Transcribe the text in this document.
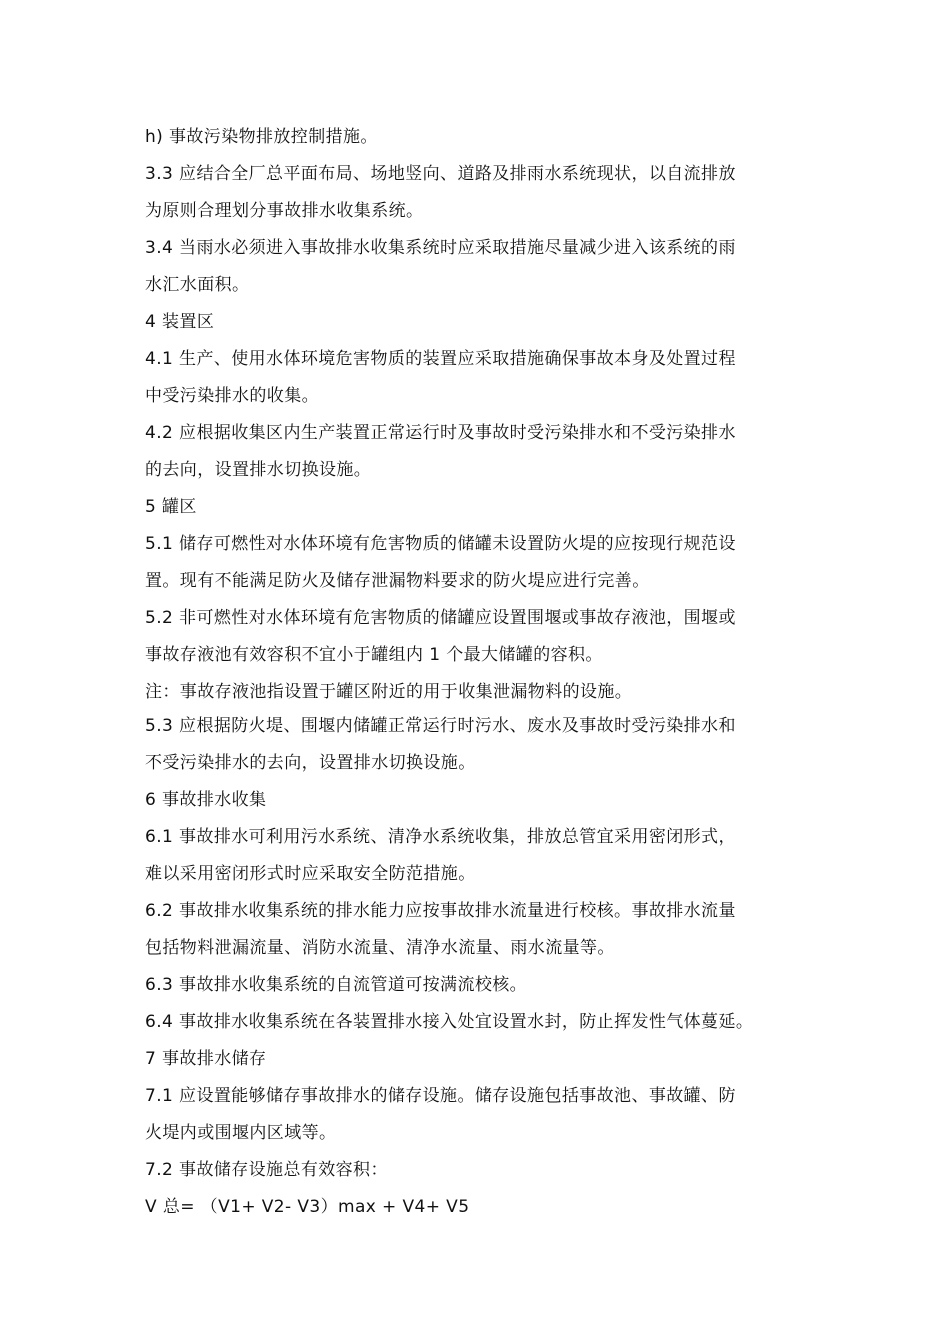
h) 事故污染物排放控制措施。
3.3 应结合全厂总平面布局、场地竖向、道路及排雨水系统现状，以自流排放
为原则合理划分事故排水收集系统。
3.4 当雨水必须进入事故排水收集系统时应采取措施尽量减少进入该系统的雨
水汇水面积。
4 装置区
4.1 生产、使用水体环境危害物质的装置应采取措施确保事故本身及处置过程
中受污染排水的收集。
4.2 应根据收集区内生产装置正常运行时及事故时受污染排水和不受污染排水
的去向，设置排水切换设施。
5 罐区
5.1 储存可燃性对水体环境有危害物质的储罐未设置防火堤的应按现行规范设
置。现有不能满足防火及储存泄漏物料要求的防火堤应进行完善。
5.2 非可燃性对水体环境有危害物质的储罐应设置围堰或事故存液池，围堰或
事故存液池有效容积不宜小于罐组内 1 个最大储罐的容积。
注：事故存液池指设置于罐区附近的用于收集泄漏物料的设施。
5.3 应根据防火堤、围堰内储罐正常运行时污水、废水及事故时受污染排水和
不受污染排水的去向，设置排水切换设施。
6 事故排水收集
6.1 事故排水可利用污水系统、清净水系统收集，排放总管宜采用密闭形式，
难以采用密闭形式时应采取安全防范措施。
6.2 事故排水收集系统的排水能力应按事故排水流量进行校核。事故排水流量
包括物料泄漏流量、消防水流量、清净水流量、雨水流量等。
6.3 事故排水收集系统的自流管道可按满流校核。
6.4 事故排水收集系统在各装置排水接入处宜设置水封，防止挥发性气体蔓延。
7 事故排水储存
7.1 应设置能够储存事故排水的储存设施。储存设施包括事故池、事故罐、防
火堤内或围堰内区域等。
7.2 事故储存设施总有效容积：
V 总= （V1+ V2- V3）max + V4+ V5
